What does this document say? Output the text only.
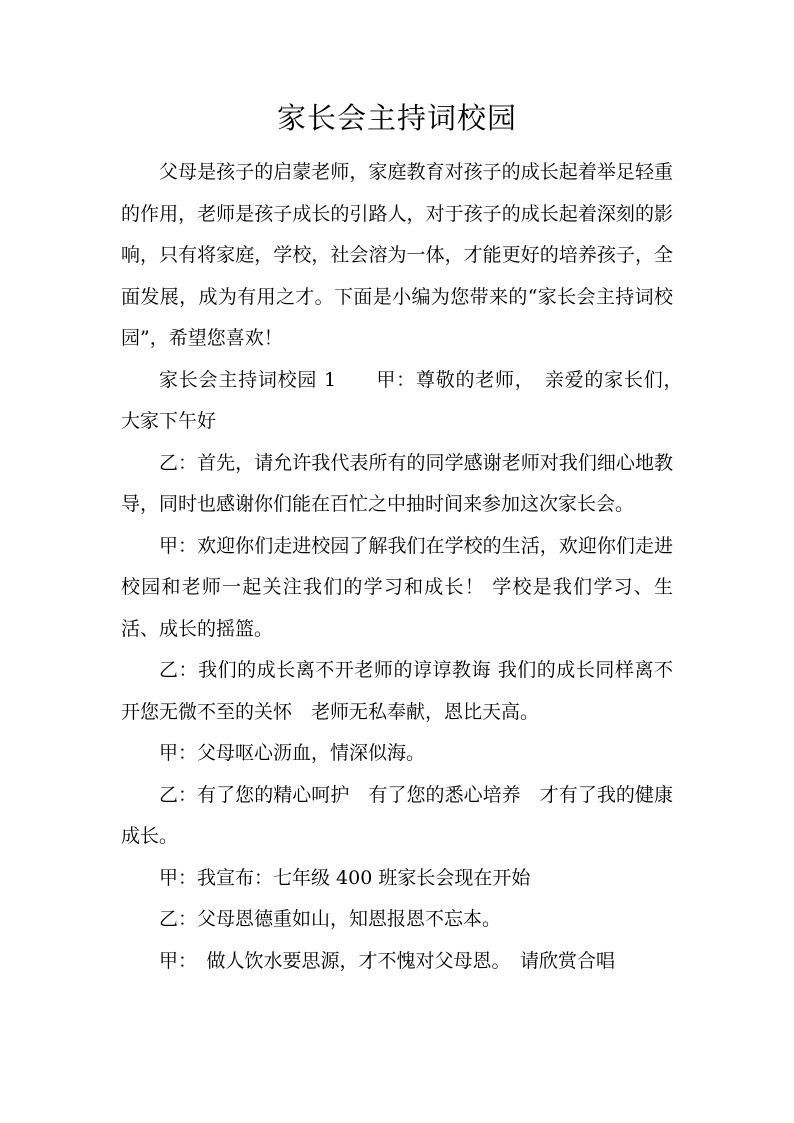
家长会主持词校园

父母是孩子的启蒙老师，家庭教育对孩子的成长起着举足轻重的作用，老师是孩子成长的引路人，对于孩子的成长起着深刻的影响，只有将家庭，学校，社会溶为一体，才能更好的培养孩子，全面发展，成为有用之才。下面是小编为您带来的“家长会主持词校园”，希望您喜欢！

家长会主持词校园 1　　甲：尊敬的老师，　亲爱的家长们，　大家下午好

乙：首先，请允许我代表所有的同学感谢老师对我们细心地教导，同时也感谢你们能在百忙之中抽时间来参加这次家长会。

甲：欢迎你们走进校园了解我们在学校的生活，欢迎你们走进校园和老师一起关注我们的学习和成长！ 学校是我们学习、生活、成长的摇篮。

乙：我们的成长离不开老师的谆谆教诲 我们的成长同样离不开您无微不至的关怀　老师无私奉献，恩比天高。

甲：父母呕心沥血，情深似海。

乙：有了您的精心呵护　有了您的悉心培养　才有了我的健康成长。

甲：我宣布：七年级 400 班家长会现在开始

乙：父母恩德重如山，知恩报恩不忘本。

甲：　做人饮水要思源，才不愧对父母恩。　请欣赏合唱
